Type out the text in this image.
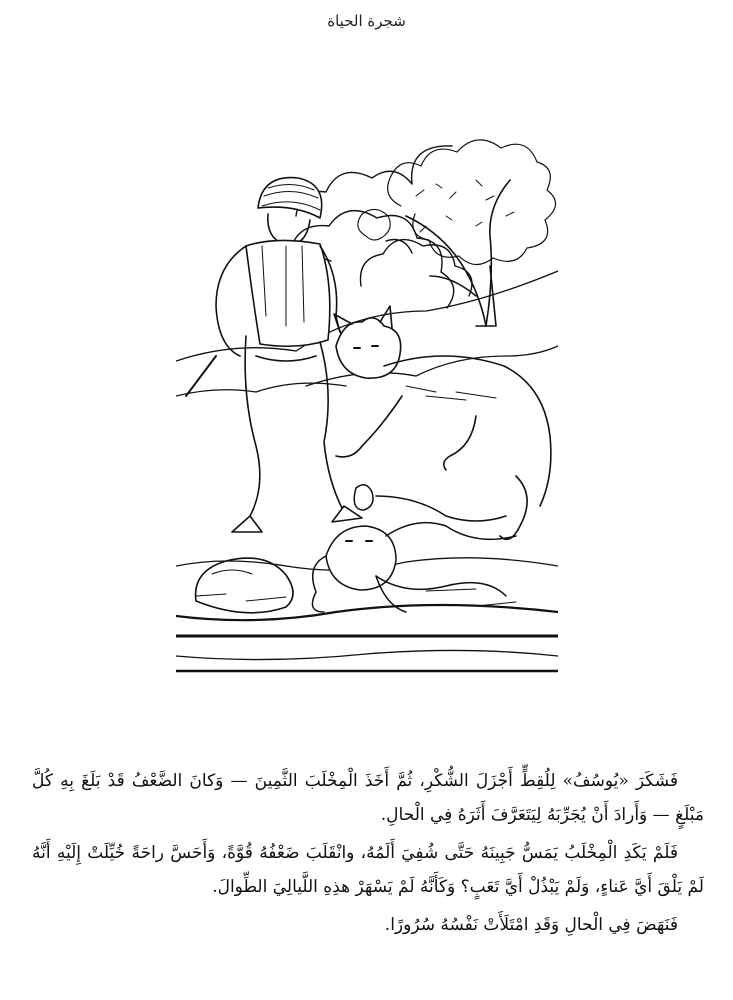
شجرة الحياة

فَشَكَرَ «يُوسُفُ» لِلُقِطٍّ أَجْزَلَ الشُّكْرِ، ثُمَّ أَخَذَ الْمِخْلَبَ الثَّمِينَ — وَكانَ الضَّعْفُ قَدْ بَلَغَ بِهِ كُلَّ مَبْلَغٍ — وَأَرادَ أَنْ يُجَرِّبَهُ لِيَتَعَرَّفَ أَثَرَهُ فِي الْحالِ.

فَلَمْ يَكَدِ الْمِخْلَبُ يَمَسُّ جَبِينَهُ حَتَّى شُفِيَ أَلَمُهُ، وانْقَلَبَ ضَعْفُهُ قُوَّةً، وَأَحَسَّ راحَةً خُيِّلَتْ إِلَيْهِ أَنَّهُ لَمْ يَلْقَ أَيَّ عَناءٍ، وَلَمْ يَبْذُلْ أَيَّ تَعَبٍ؟ وَكَأَنَّهُ لَمْ يَسْهَرْ هذِهِ اللَّيالِيَ الطِّوالَ.

فَنَهَضَ فِي الْحالِ وَقَدِ امْتَلَأَتْ نَفْسُهُ سُرُورًا.
